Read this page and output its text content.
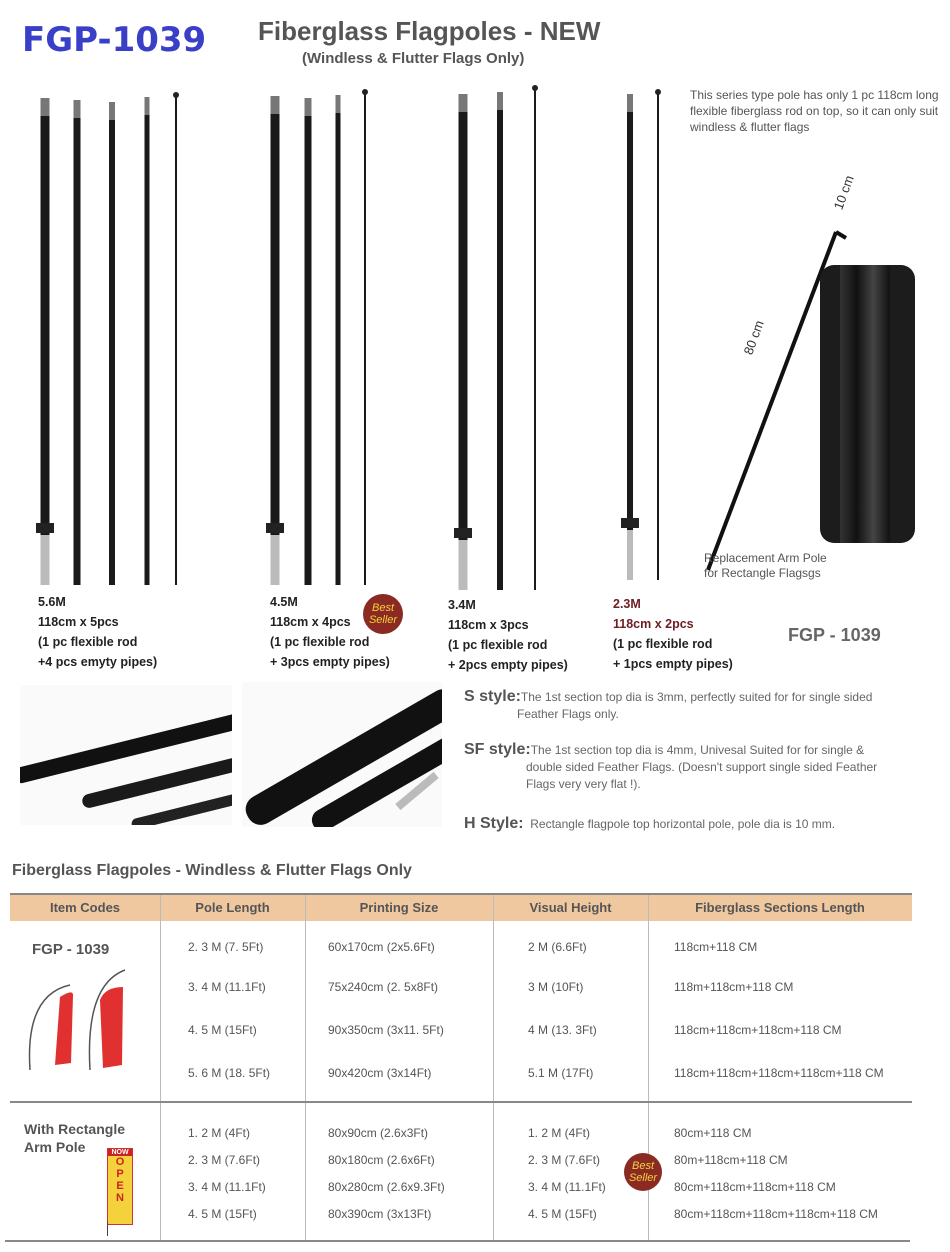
FGP-1039 Fiberglass Flagpoles - NEW
(Windless & Flutter Flags Only)
This series type pole has only 1 pc 118cm long flexible fiberglass rod on top, so it can only suit windless & flutter flags
80 cm
10 cm
Replacement Arm Pole
for Rectangle Flagsgs
5.6M
118cm x 5pcs
(1 pc flexible rod
+4 pcs emyty pipes)
4.5M
118cm x 4pcs
(1 pc flexible rod
+ 3pcs empty pipes)
Best
Seller
3.4M
118cm x 3pcs
(1 pc flexible rod
+ 2pcs empty pipes)
2.3M
118cm x 2pcs
(1 pc flexible rod
+ 1pcs empty pipes)
FGP - 1039
S style:The 1st section top dia is 3mm, perfectly suited for for single sided
Feather Flags only.
SF style:The 1st section top dia is 4mm, Univesal Suited for for single &
double sided Feather Flags. (Doesn't support single sided Feather
Flags very very flat !).
H Style: Rectangle flagpole top horizontal pole, pole dia is 10 mm.
Fiberglass Flagpoles - Windless & Flutter Flags Only
Item Codes	Pole Length	Printing Size	Visual Height	Fiberglass Sections Length
FGP - 1039	2. 3 M (7. 5Ft)	60x170cm (2x5.6Ft)	2 M (6.6Ft)	118cm+118 CM
3. 4 M (11.1Ft)	75x240cm (2. 5x8Ft)	3 M (10Ft)	118m+118cm+118 CM
4. 5 M (15Ft)	90x350cm (3x11. 5Ft)	4 M (13. 3Ft)	118cm+118cm+118cm+118 CM
5. 6 M (18. 5Ft)	90x420cm (3x14Ft)	5.1 M (17Ft)	118cm+118cm+118cm+118cm+118 CM
With Rectangle
Arm Pole	NOW
OPEN
1. 2 M (4Ft)	80x90cm (2.6x3Ft)	1. 2 M (4Ft)	80cm+118 CM
2. 3 M (7.6Ft)	80x180cm (2.6x6Ft)	2. 3 M (7.6Ft)	80m+118cm+118 CM
3. 4 M (11.1Ft)	80x280cm (2.6x9.3Ft)	3. 4 M (11.1Ft)	80cm+118cm+118cm+118 CM
4. 5 M (15Ft)	80x390cm (3x13Ft)	4. 5 M (15Ft)	80cm+118cm+118cm+118cm+118 CM
Best
Seller
